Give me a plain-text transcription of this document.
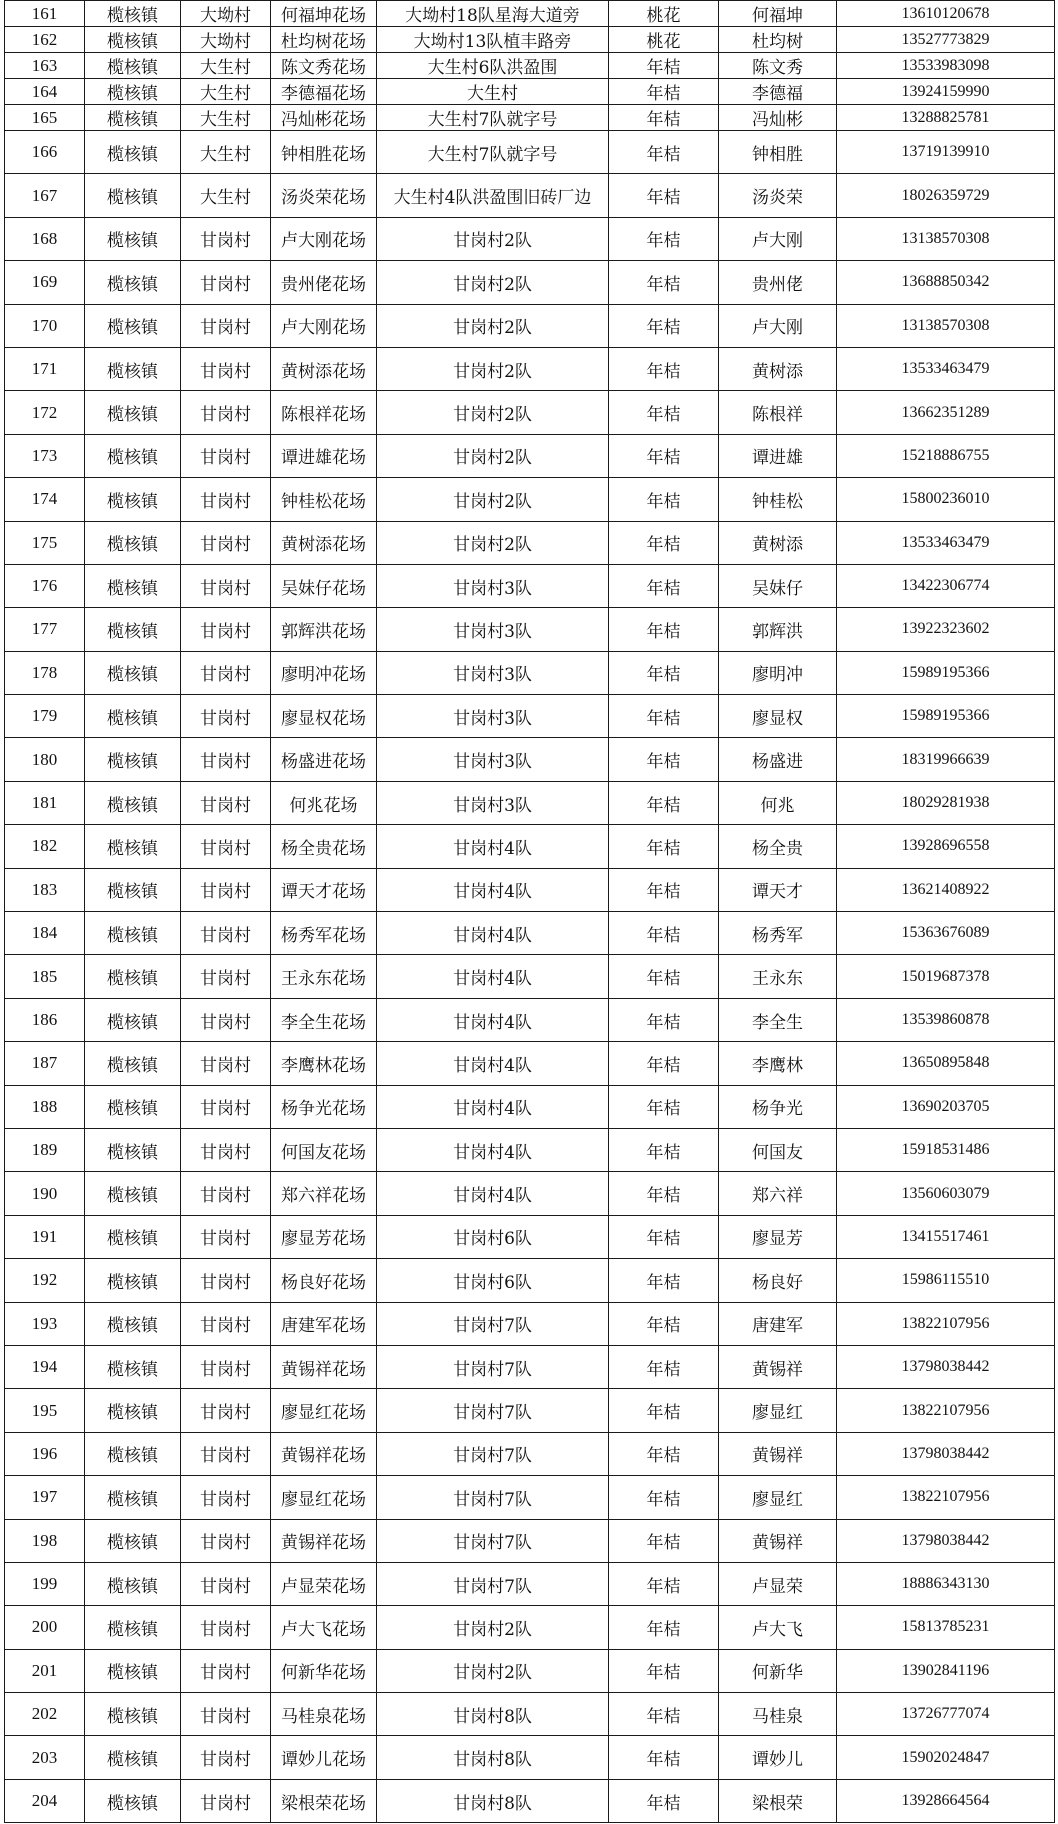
161	榄核镇	大坳村	何福坤花场	大坳村18队星海大道旁	桃花	何福坤	13610120678
162	榄核镇	大坳村	杜均树花场	大坳村13队植丰路旁	桃花	杜均树	13527773829
163	榄核镇	大生村	陈文秀花场	大生村6队洪盈围	年桔	陈文秀	13533983098
164	榄核镇	大生村	李德福花场	大生村	年桔	李德福	13924159990
165	榄核镇	大生村	冯灿彬花场	大生村7队就字号	年桔	冯灿彬	13288825781
166	榄核镇	大生村	钟相胜花场	大生村7队就字号	年桔	钟相胜	13719139910
167	榄核镇	大生村	汤炎荣花场	大生村4队洪盈围旧砖厂边	年桔	汤炎荣	18026359729
168	榄核镇	甘岗村	卢大刚花场	甘岗村2队	年桔	卢大刚	13138570308
169	榄核镇	甘岗村	贵州佬花场	甘岗村2队	年桔	贵州佬	13688850342
170	榄核镇	甘岗村	卢大刚花场	甘岗村2队	年桔	卢大刚	13138570308
171	榄核镇	甘岗村	黄树添花场	甘岗村2队	年桔	黄树添	13533463479
172	榄核镇	甘岗村	陈根祥花场	甘岗村2队	年桔	陈根祥	13662351289
173	榄核镇	甘岗村	谭进雄花场	甘岗村2队	年桔	谭进雄	15218886755
174	榄核镇	甘岗村	钟桂松花场	甘岗村2队	年桔	钟桂松	15800236010
175	榄核镇	甘岗村	黄树添花场	甘岗村2队	年桔	黄树添	13533463479
176	榄核镇	甘岗村	吴妹仔花场	甘岗村3队	年桔	吴妹仔	13422306774
177	榄核镇	甘岗村	郭辉洪花场	甘岗村3队	年桔	郭辉洪	13922323602
178	榄核镇	甘岗村	廖明冲花场	甘岗村3队	年桔	廖明冲	15989195366
179	榄核镇	甘岗村	廖显权花场	甘岗村3队	年桔	廖显权	15989195366
180	榄核镇	甘岗村	杨盛进花场	甘岗村3队	年桔	杨盛进	18319966639
181	榄核镇	甘岗村	何兆花场	甘岗村3队	年桔	何兆	18029281938
182	榄核镇	甘岗村	杨全贵花场	甘岗村4队	年桔	杨全贵	13928696558
183	榄核镇	甘岗村	谭天才花场	甘岗村4队	年桔	谭天才	13621408922
184	榄核镇	甘岗村	杨秀军花场	甘岗村4队	年桔	杨秀军	15363676089
185	榄核镇	甘岗村	王永东花场	甘岗村4队	年桔	王永东	15019687378
186	榄核镇	甘岗村	李全生花场	甘岗村4队	年桔	李全生	13539860878
187	榄核镇	甘岗村	李鹰林花场	甘岗村4队	年桔	李鹰林	13650895848
188	榄核镇	甘岗村	杨争光花场	甘岗村4队	年桔	杨争光	13690203705
189	榄核镇	甘岗村	何国友花场	甘岗村4队	年桔	何国友	15918531486
190	榄核镇	甘岗村	郑六祥花场	甘岗村4队	年桔	郑六祥	13560603079
191	榄核镇	甘岗村	廖显芳花场	甘岗村6队	年桔	廖显芳	13415517461
192	榄核镇	甘岗村	杨良好花场	甘岗村6队	年桔	杨良好	15986115510
193	榄核镇	甘岗村	唐建军花场	甘岗村7队	年桔	唐建军	13822107956
194	榄核镇	甘岗村	黄锡祥花场	甘岗村7队	年桔	黄锡祥	13798038442
195	榄核镇	甘岗村	廖显红花场	甘岗村7队	年桔	廖显红	13822107956
196	榄核镇	甘岗村	黄锡祥花场	甘岗村7队	年桔	黄锡祥	13798038442
197	榄核镇	甘岗村	廖显红花场	甘岗村7队	年桔	廖显红	13822107956
198	榄核镇	甘岗村	黄锡祥花场	甘岗村7队	年桔	黄锡祥	13798038442
199	榄核镇	甘岗村	卢显荣花场	甘岗村7队	年桔	卢显荣	18886343130
200	榄核镇	甘岗村	卢大飞花场	甘岗村2队	年桔	卢大飞	15813785231
201	榄核镇	甘岗村	何新华花场	甘岗村2队	年桔	何新华	13902841196
202	榄核镇	甘岗村	马桂泉花场	甘岗村8队	年桔	马桂泉	13726777074
203	榄核镇	甘岗村	谭妙儿花场	甘岗村8队	年桔	谭妙儿	15902024847
204	榄核镇	甘岗村	梁根荣花场	甘岗村8队	年桔	梁根荣	13928664564
